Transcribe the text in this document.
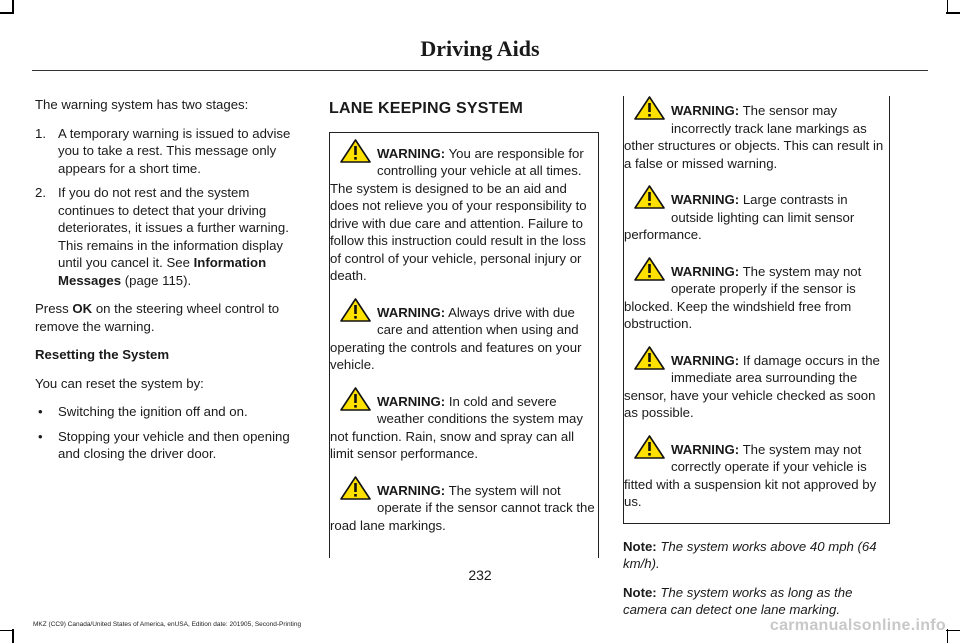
Driving Aids

The warning system has two stages:

1. A temporary warning is issued to advise you to take a rest. This message only appears for a short time.
2. If you do not rest and the system continues to detect that your driving deteriorates, it issues a further warning. This remains in the information display until you cancel it. See Information Messages (page 115).

Press OK on the steering wheel control to remove the warning.

Resetting the System

You can reset the system by:

• Switching the ignition off and on.
• Stopping your vehicle and then opening and closing the driver door.
LANE KEEPING SYSTEM
WARNING: You are responsible for controlling your vehicle at all times. The system is designed to be an aid and does not relieve you of your responsibility to drive with due care and attention. Failure to follow this instruction could result in the loss of control of your vehicle, personal injury or death.
WARNING: Always drive with due care and attention when using and operating the controls and features on your vehicle.
WARNING: In cold and severe weather conditions the system may not function. Rain, snow and spray can all limit sensor performance.
WARNING: The system will not operate if the sensor cannot track the road lane markings.
WARNING: The sensor may incorrectly track lane markings as other structures or objects. This can result in a false or missed warning.
WARNING: Large contrasts in outside lighting can limit sensor performance.
WARNING: The system may not operate properly if the sensor is blocked. Keep the windshield free from obstruction.
WARNING: If damage occurs in the immediate area surrounding the sensor, have your vehicle checked as soon as possible.
WARNING: The system may not correctly operate if your vehicle is fitted with a suspension kit not approved by us.

Note: The system works above 40 mph (64 km/h).

Note: The system works as long as the camera can detect one lane marking.

232
MKZ (CC9) Canada/United States of America, enUSA, Edition date: 201905, Second-Printing	carmanualsonline.info
